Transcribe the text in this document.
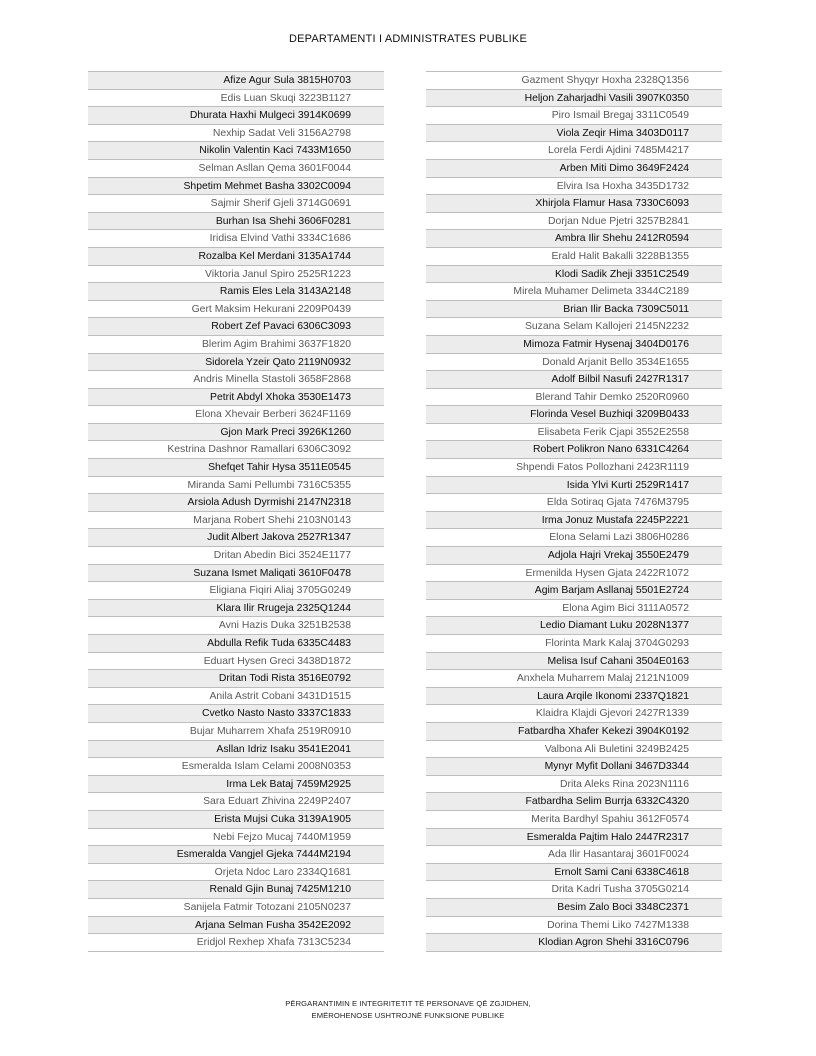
DEPARTAMENTI I ADMINISTRATES PUBLIKE
Afize Agur Sula 3815H0703
Edis Luan Skuqi 3223B1127
Dhurata Haxhi Mulgeci 3914K0699
Nexhip Sadat Veli 3156A2798
Nikolin Valentin Kaci 7433M1650
Selman Asllan Qema 3601F0044
Shpetim Mehmet Basha 3302C0094
Sajmir Sherif Gjeli 3714G0691
Burhan Isa Shehi 3606F0281
Iridisa Elvind Vathi 3334C1686
Rozalba Kel Merdani 3135A1744
Viktoria Janul Spiro 2525R1223
Ramis Eles Lela 3143A2148
Gert Maksim Hekurani 2209P0439
Robert Zef Pavaci 6306C3093
Blerim Agim Brahimi 3637F1820
Sidorela Yzeir Qato 2119N0932
Andris Minella Stastoli 3658F2868
Petrit Abdyl Xhoka 3530E1473
Elona Xhevair Berberi 3624F1169
Gjon Mark Preci 3926K1260
Kestrina Dashnor Ramallari 6306C3092
Shefqet Tahir Hysa 3511E0545
Miranda Sami Pellumbi 7316C5355
Arsiola Adush Dyrmishi 2147N2318
Marjana Robert Shehi 2103N0143
Judit Albert Jakova 2527R1347
Dritan Abedin Bici 3524E1177
Suzana Ismet Maliqati 3610F0478
Eligiana Fiqiri Aliaj 3705G0249
Klara Ilir Rrugeja 2325Q1244
Avni Hazis Duka 3251B2538
Abdulla Refik Tuda 6335C4483
Eduart Hysen Greci 3438D1872
Dritan Todi Rista 3516E0792
Anila Astrit Cobani 3431D1515
Cvetko Nasto Nasto 3337C1833
Bujar Muharrem Xhafa 2519R0910
Asllan Idriz Isaku 3541E2041
Esmeralda Islam Celami 2008N0353
Irma Lek Bataj 7459M2925
Sara Eduart Zhivina 2249P2407
Erista Mujsi Cuka 3139A1905
Nebi Fejzo Mucaj 7440M1959
Esmeralda Vangjel Gjeka 7444M2194
Orjeta Ndoc Laro 2334Q1681
Renald Gjin Bunaj 7425M1210
Sanijela Fatmir Totozani 2105N0237
Arjana Selman Fusha 3542E2092
Eridjol Rexhep Xhafa 7313C5234
Gazment Shyqyr Hoxha 2328Q1356
Heljon Zaharjadhi Vasili 3907K0350
Piro Ismail Bregaj 3311C0549
Viola Zeqir Hima 3403D0117
Lorela Ferdi Ajdini 7485M4217
Arben Miti Dimo 3649F2424
Elvira Isa Hoxha 3435D1732
Xhirjola Flamur Hasa 7330C6093
Dorjan Ndue Pjetri 3257B2841
Ambra Ilir Shehu 2412R0594
Erald Halit Bakalli 3228B1355
Klodi Sadik Zheji 3351C2549
Mirela Muhamer Delimeta 3344C2189
Brian Ilir Backa 7309C5011
Suzana Selam Kallojeri 2145N2232
Mimoza Fatmir Hysenaj 3404D0176
Donald Arjanit Bello 3534E1655
Adolf Bilbil Nasufi 2427R1317
Blerand Tahir Demko 2520R0960
Florinda Vesel Buzhiqi 3209B0433
Elisabeta Ferik Cjapi 3552E2558
Robert Polikron Nano 6331C4264
Shpendi Fatos Pollozhani 2423R1119
Isida Ylvi Kurti 2529R1417
Elda Sotiraq Gjata 7476M3795
Irma Jonuz Mustafa 2245P2221
Elona Selami Lazi 3806H0286
Adjola Hajri Vrekaj 3550E2479
Ermenilda Hysen Gjata 2422R1072
Agim Barjam Asllanaj 5501E2724
Elona Agim Bici 3111A0572
Ledio Diamant Luku 2028N1377
Florinta Mark Kalaj 3704G0293
Melisa Isuf Cahani 3504E0163
Anxhela Muharrem Malaj 2121N1009
Laura Arqile Ikonomi 2337Q1821
Klaidra Klajdi Gjevori 2427R1339
Fatbardha Xhafer Kekezi 3904K0192
Valbona Ali Buletini 3249B2425
Mynyr Myfit Dollani 3467D3344
Drita Aleks Rina 2023N1116
Fatbardha Selim Burrja 6332C4320
Merita Bardhyl Spahiu 3612F0574
Esmeralda Pajtim Halo 2447R2317
Ada Ilir Hasantaraj 3601F0024
Ernolt Sami Cani 6338C4618
Drita Kadri Tusha 3705G0214
Besim Zalo Boci 3348C2371
Dorina Themi Liko 7427M1338
Klodian Agron Shehi 3316C0796
PËRGARANTIMIN E INTEGRITETIT TË PERSONAVE QË ZGJIDHEN,
EMËROHENOSE USHTROJNË FUNKSIONE PUBLIKE
